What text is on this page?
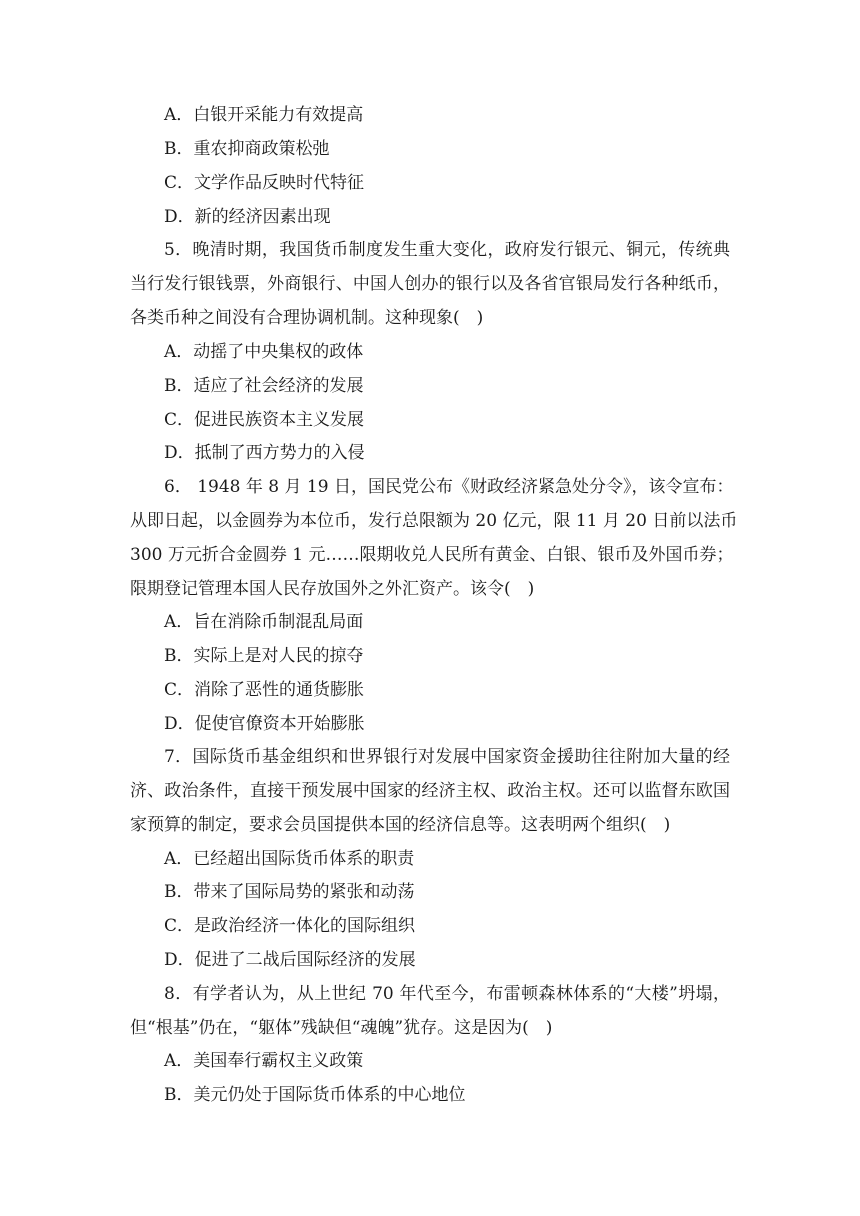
A．白银开采能力有效提高
B．重农抑商政策松弛
C．文学作品反映时代特征
D．新的经济因素出现
5．晚清时期，我国货币制度发生重大变化，政府发行银元、铜元，传统典
当行发行银钱票，外商银行、中国人创办的银行以及各省官银局发行各种纸币，
各类币种之间没有合理协调机制。这种现象(　)
A．动摇了中央集权的政体
B．适应了社会经济的发展
C．促进民族资本主义发展
D．抵制了西方势力的入侵
6． 1948 年 8 月 19 日，国民党公布《财政经济紧急处分令》，该令宣布：
从即日起，以金圆券为本位币，发行总限额为 20 亿元，限 11 月 20 日前以法币
300 万元折合金圆券 1 元……限期收兑人民所有黄金、白银、银币及外国币券；
限期登记管理本国人民存放国外之外汇资产。该令(　)
A．旨在消除币制混乱局面
B．实际上是对人民的掠夺
C．消除了恶性的通货膨胀
D．促使官僚资本开始膨胀
7．国际货币基金组织和世界银行对发展中国家资金援助往往附加大量的经
济、政治条件，直接干预发展中国家的经济主权、政治主权。还可以监督东欧国
家预算的制定，要求会员国提供本国的经济信息等。这表明两个组织(　)
A．已经超出国际货币体系的职责
B．带来了国际局势的紧张和动荡
C．是政治经济一体化的国际组织
D．促进了二战后国际经济的发展
8．有学者认为，从上世纪 70 年代至今，布雷顿森林体系的“大楼”坍塌，
但“根基”仍在，“躯体”残缺但“魂魄”犹存。这是因为(　)
A．美国奉行霸权主义政策
B．美元仍处于国际货币体系的中心地位
